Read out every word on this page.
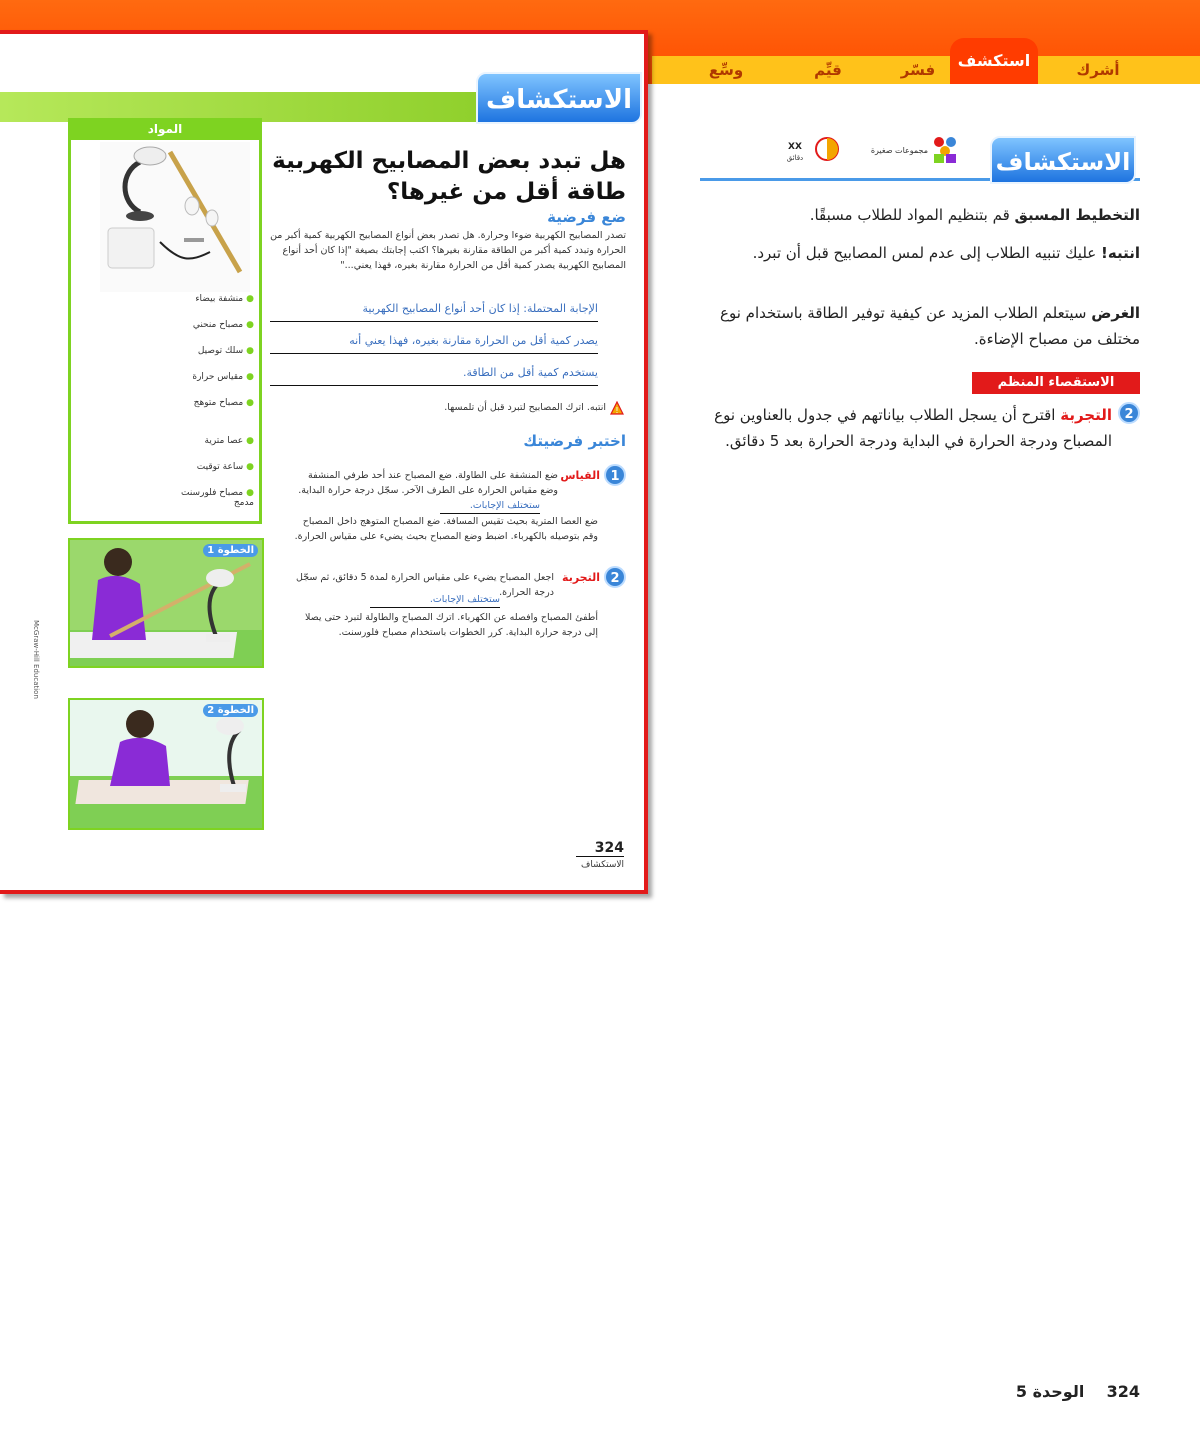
أشرك
استكشف
فسّر
قيِّم
وسِّع
الاستكشاف
هل تبدد بعض المصابيح الكهربية طاقة أقل من غيرها؟
ضع فرضية
تصدر المصابيح الكهربية ضوءا وحرارة. هل تصدر بعض أنواع المصابيح الكهربية كمية أكبر من الحرارة وتبدد كمية أكبر من الطاقة مقارنة بغيرها؟ اكتب إجابتك بصيغة "إذا كان أحد أنواع المصابيح الكهربية يصدر كمية أقل من الحرارة مقارنة بغيره، فهذا يعني..."
الإجابة المحتملة: إذا كان أحد أنواع المصابيح الكهربية
يصدر كمية أقل من الحرارة مقارنة بغيره، فهذا يعني أنه
يستخدم كمية أقل من الطاقة.
!
انتبه. اترك المصابيح لتبرد قبل أن تلمسها.
اختبر فرضيتك
1
القياس
ضع المنشفة على الطاولة. ضع المصباح عند أحد طرفي المنشفة وضع مقياس الحرارة على الطرف الآخر. سجّل درجة حرارة البداية.
ستختلف الإجابات.
ضع العصا المترية بحيث تقيس المسافة. ضع المصباح المتوهج داخل المصباح وقم بتوصيله بالكهرباء. اضبط وضع المصباح بحيث يضيء على مقياس الحرارة.
2
التجربة
اجعل المصباح يضيء على مقياس الحرارة لمدة 5 دقائق، ثم سجّل درجة الحرارة.
ستختلف الإجابات.
أطفئ المصباح وافصله عن الكهرباء. اترك المصباح والطاولة لتبرد حتى يصلا إلى درجة حرارة البداية. كرر الخطوات باستخدام مصباح فلورسنت.
المواد
● منشفة بيضاء
● مصباح منحني
● سلك توصيل
● مقياس حرارة
● مصباح متوهج
● عصا مترية
● ساعة توقيت
● مصباح فلورسنت مدمج
الخطوة 1
الخطوة 2
McGraw-Hill Education
324
الاستكشاف
الاستكشاف
مجموعات صغيرة
XX
دقائق
التخطيط المسبق قم بتنظيم المواد للطلاب مسبقًا.
انتبه! عليك تنبيه الطلاب إلى عدم لمس المصابيح قبل أن تبرد.
الغرض سيتعلم الطلاب المزيد عن كيفية توفير الطاقة باستخدام نوع مختلف من مصباح الإضاءة.
الاستقصاء المنظم
2
التجربة اقترح أن يسجل الطلاب بياناتهم في جدول بالعناوين نوع المصباح ودرجة الحرارة في البداية ودرجة الحرارة بعد 5 دقائق.
324    الوحدة 5
